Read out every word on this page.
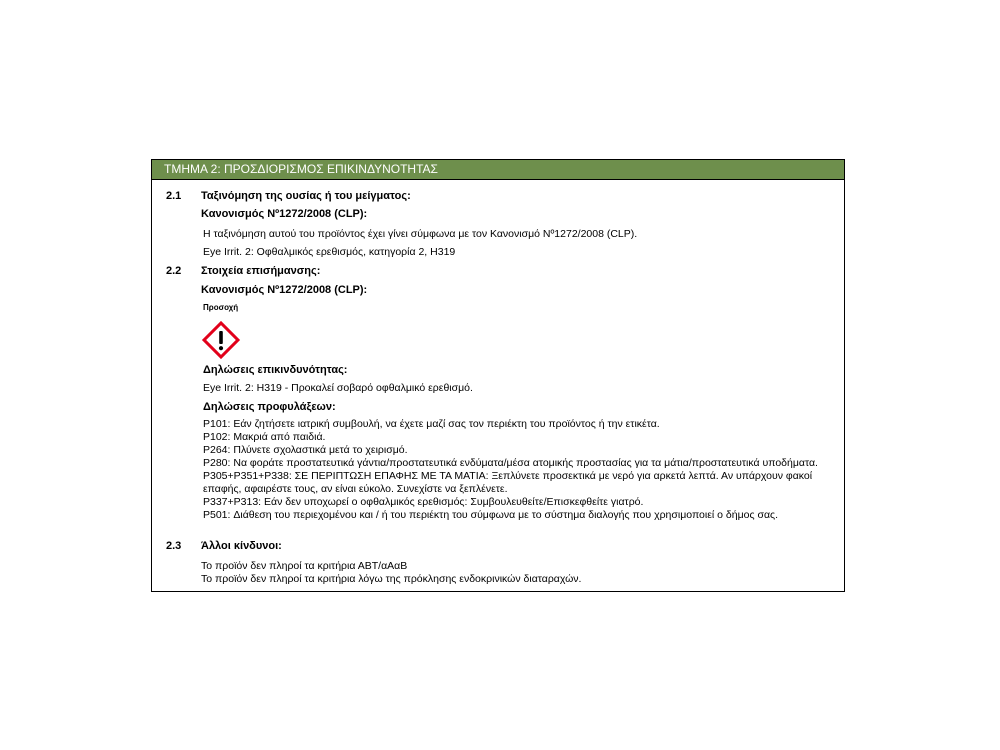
ΤΜΗΜΑ 2: ΠΡΟΣΔΙΟΡΙΣΜΟΣ ΕΠΙΚΙΝΔΥΝΟΤΗΤΑΣ
2.1 Ταξινόμηση της ουσίας ή του μείγματος:
Κανονισμός Nº1272/2008 (CLP):
Η ταξινόμηση αυτού του προϊόντος έχει γίνει σύμφωνα με τον Κανονισμό Nº1272/2008 (CLP).
Eye Irrit. 2: Οφθαλμικός ερεθισμός, κατηγορία 2, H319
2.2 Στοιχεία επισήμανσης:
Κανονισμός Nº1272/2008 (CLP):
Προσοχή
Δηλώσεις επικινδυνότητας:
Eye Irrit. 2: H319 - Προκαλεί σοβαρό οφθαλμικό ερεθισμό.
Δηλώσεις προφυλάξεων:
P101: Εάν ζητήσετε ιατρική συμβουλή, να έχετε μαζί σας τον περιέκτη του προϊόντος ή την ετικέτα.
P102: Μακριά από παιδιά.
P264: Πλύνετε σχολαστικά μετά το χειρισμό.
P280: Να φοράτε προστατευτικά γάντια/προστατευτικά ενδύματα/μέσα ατομικής προστασίας για τα μάτια/προστατευτικά υποδήματα.
P305+P351+P338: ΣΕ ΠΕΡΙΠΤΩΣΗ ΕΠΑΦΗΣ ΜΕ ΤΑ ΜΑΤΙΑ: Ξεπλύνετε προσεκτικά με νερό για αρκετά λεπτά. Αν υπάρχουν φακοί
επαφής, αφαιρέστε τους, αν είναι εύκολο. Συνεχίστε να ξεπλένετε.
P337+P313: Εάν δεν υποχωρεί ο οφθαλμικός ερεθισμός: Συμβουλευθείτε/Επισκεφθείτε γιατρό.
P501: Διάθεση του περιεχομένου και / ή του περιέκτη του σύμφωνα με το σύστημα διαλογής που χρησιμοποιεί ο δήμος σας.
2.3 Άλλοι κίνδυνοι:
Το προϊόν δεν πληροί τα κριτήρια ΑΒΤ/αΑαΒ
Το προϊόν δεν πληροί τα κριτήρια λόγω της πρόκλησης ενδοκρινικών διαταραχών.
